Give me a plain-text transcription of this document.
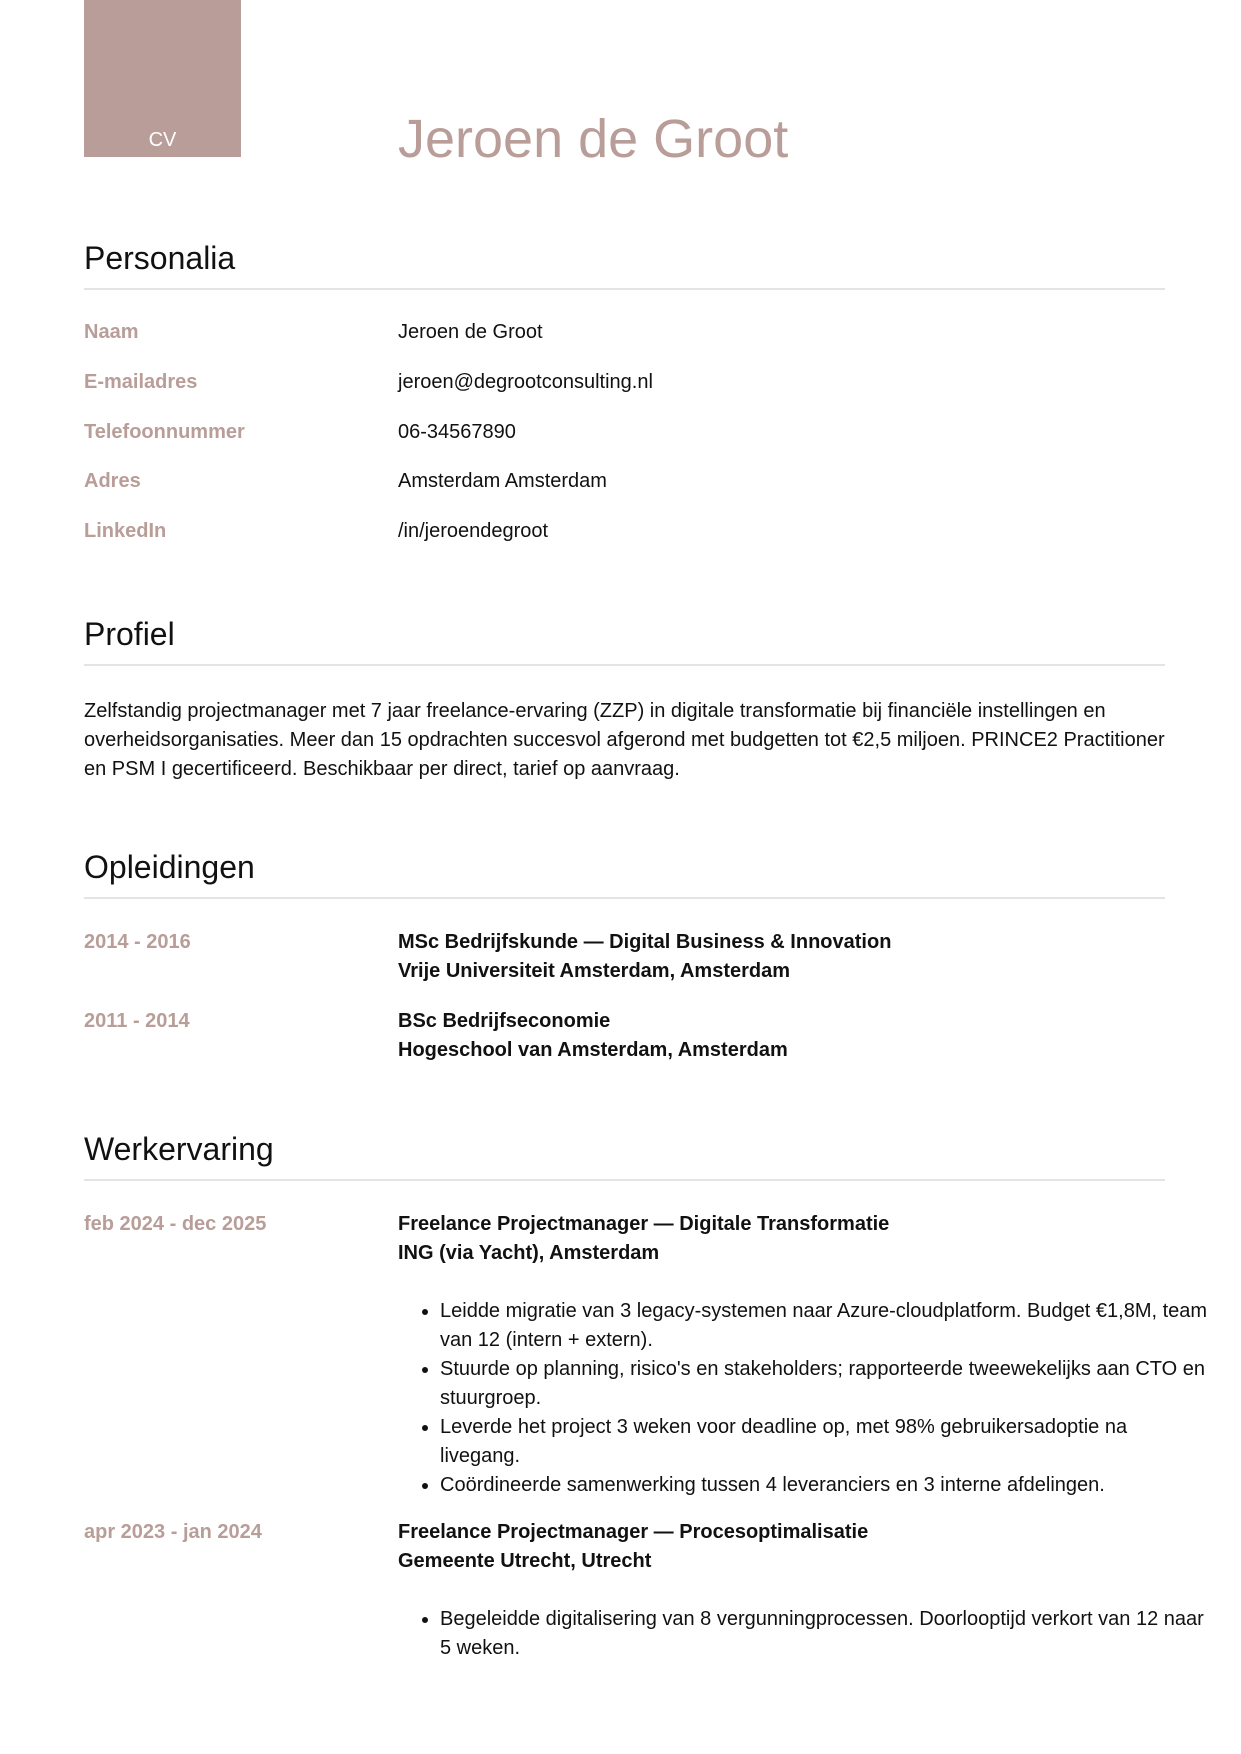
CV	Jeroen de Groot
Personalia
Naam	Jeroen de Groot
E-mailadres	jeroen@degrootconsulting.nl
Telefoonnummer	06-34567890
Adres	Amsterdam Amsterdam
LinkedIn	/in/jeroendegroot
Profiel

Zelfstandig projectmanager met 7 jaar freelance-ervaring (ZZP) in digitale transformatie bij financiële instellingen en overheidsorganisaties. Meer dan 15 opdrachten succesvol afgerond met budgetten tot €2,5 miljoen. PRINCE2 Practitioner en PSM I gecertificeerd. Beschikbaar per direct, tarief op aanvraag.

Opleidingen
2014 - 2016	MSc Bedrijfskunde — Digital Business & Innovation
Vrije Universiteit Amsterdam, Amsterdam
2011 - 2014	BSc Bedrijfseconomie
Hogeschool van Amsterdam, Amsterdam
Werkervaring
feb 2024 - dec 2025	Freelance Projectmanager — Digitale Transformatie
ING (via Yacht), Amsterdam
• Leidde migratie van 3 legacy-systemen naar Azure-cloudplatform. Budget €1,8M, team van 12 (intern + extern).
• Stuurde op planning, risico's en stakeholders; rapporteerde tweewekelijks aan CTO en stuurgroep.
• Leverde het project 3 weken voor deadline op, met 98% gebruikersadoptie na livegang.
• Coördineerde samenwerking tussen 4 leveranciers en 3 interne afdelingen.
apr 2023 - jan 2024	Freelance Projectmanager — Procesoptimalisatie
Gemeente Utrecht, Utrecht
• Begeleidde digitalisering van 8 vergunningprocessen. Doorlooptijd verkort van 12 naar 5 weken.
